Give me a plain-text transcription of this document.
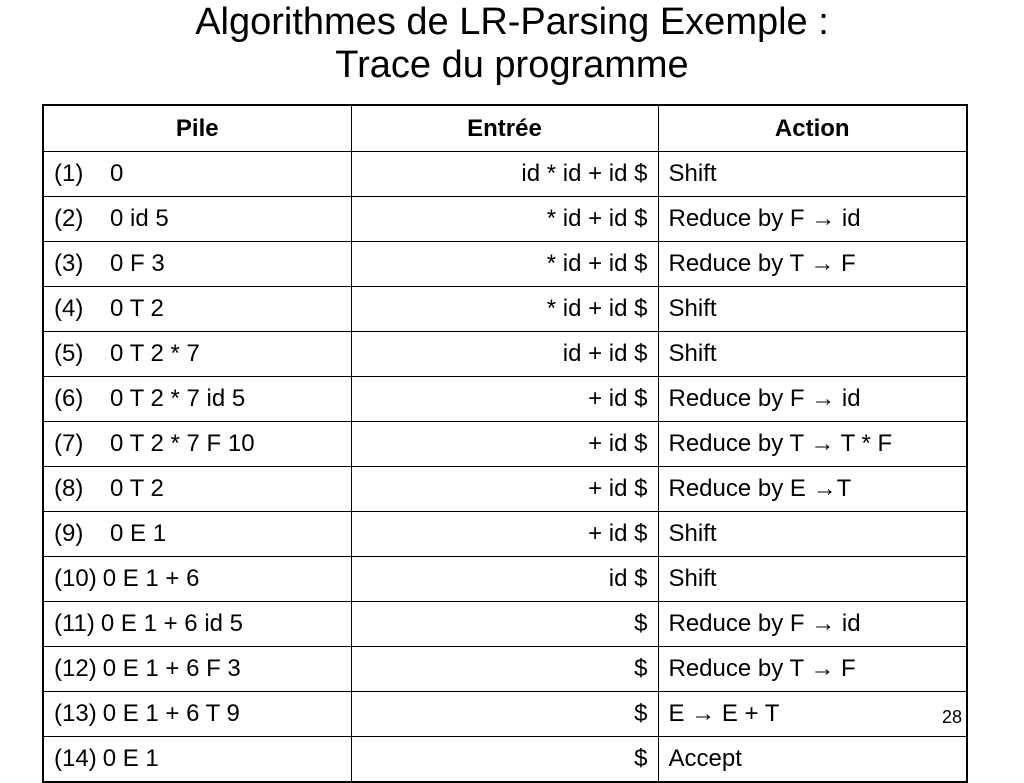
Algorithmes de LR-Parsing Exemple :
Trace du programme
Pile	Entrée	Action
(1) 0	id * id + id $	Shift
(2) 0 id 5	* id + id $	Reduce by F → id
(3) 0 F 3	* id + id $	Reduce by T → F
(4) 0 T 2	* id + id $	Shift
(5) 0 T 2 * 7	id + id $	Shift
(6) 0 T 2 * 7 id 5	+ id $	Reduce by F → id
(7) 0 T 2 * 7 F 10	+ id $	Reduce by T → T * F
(8) 0 T 2	+ id $	Reduce by E →T
(9) 0 E 1	+ id $	Shift
(10) 0 E 1 + 6	id $	Shift
(11) 0 E 1 + 6 id 5	$	Reduce by F → id
(12) 0 E 1 + 6 F 3	$	Reduce by T → F
(13) 0 E 1 + 6 T 9	$	E → E + T
(14) 0 E 1	$	Accept
28
